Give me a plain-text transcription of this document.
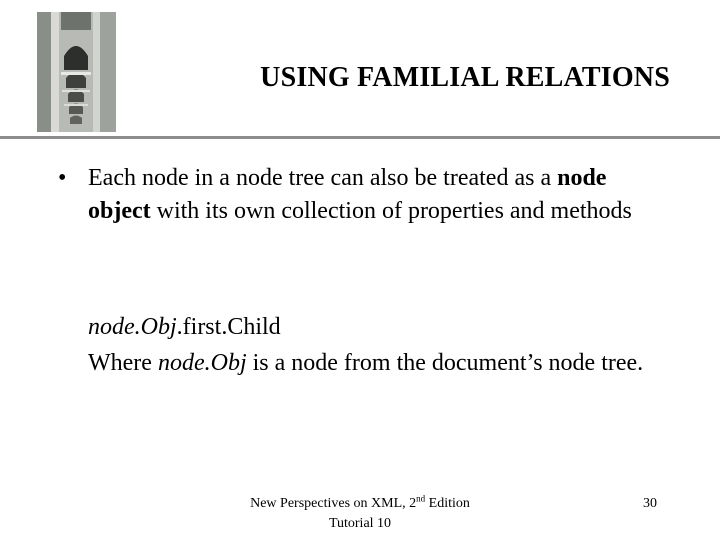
USING FAMILIAL RELATIONS
• Each node in a node tree can also be treated as a node object with its own collection of properties and methods
node.Obj.first.Child
Where node.Obj is a node from the document’s node tree.
New Perspectives on XML, 2nd Edition
Tutorial 10
30
